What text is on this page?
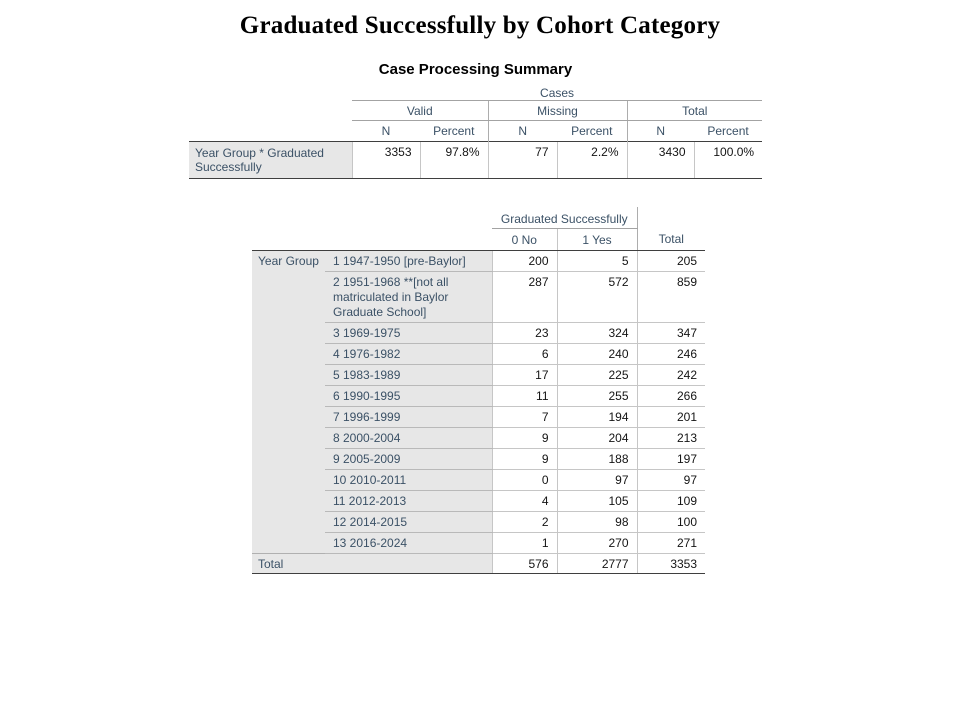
Graduated Successfully by Cohort Category
Case Processing Summary
	Cases					
	Valid		Missing		Total	
	N	Percent	N	Percent	N	Percent
Year Group * Graduated Successfully	3353	97.8%	77	2.2%	3430	100.0%
		Graduated Successfully		
		0 No	1 Yes	Total
Year Group	1 1947-1950 [pre-Baylor]	200	5	205
	2 1951-1968 **[not all matriculated in Baylor Graduate School]	287	572	859
	3 1969-1975	23	324	347
	4 1976-1982	6	240	246
	5 1983-1989	17	225	242
	6 1990-1995	11	255	266
	7 1996-1999	7	194	201
	8 2000-2004	9	204	213
	9 2005-2009	9	188	197
	10 2010-2011	0	97	97
	11 2012-2013	4	105	109
	12 2014-2015	2	98	100
	13 2016-2024	1	270	271
Total		576	2777	3353
